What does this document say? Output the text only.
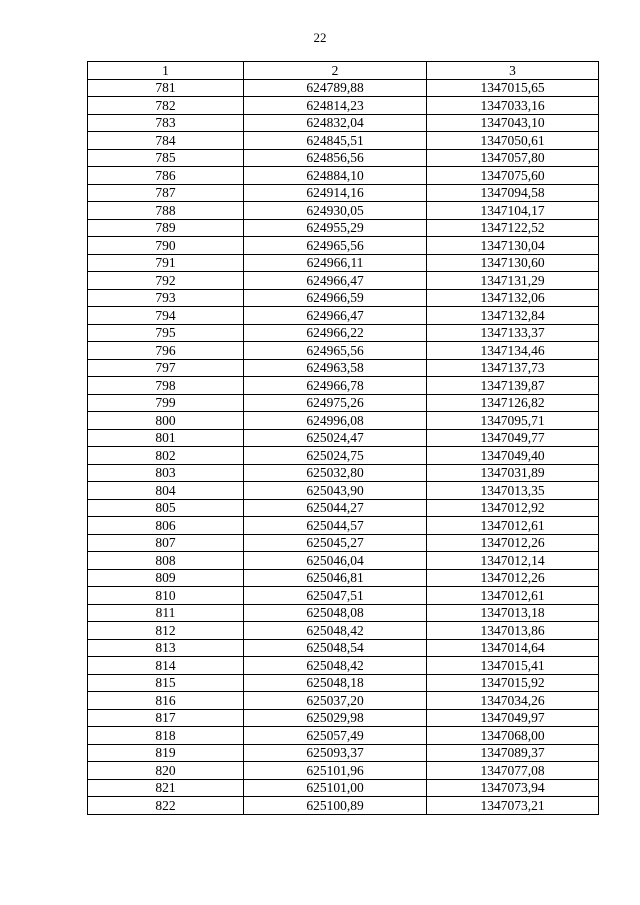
22
1	2	3
781	624789,88	1347015,65
782	624814,23	1347033,16
783	624832,04	1347043,10
784	624845,51	1347050,61
785	624856,56	1347057,80
786	624884,10	1347075,60
787	624914,16	1347094,58
788	624930,05	1347104,17
789	624955,29	1347122,52
790	624965,56	1347130,04
791	624966,11	1347130,60
792	624966,47	1347131,29
793	624966,59	1347132,06
794	624966,47	1347132,84
795	624966,22	1347133,37
796	624965,56	1347134,46
797	624963,58	1347137,73
798	624966,78	1347139,87
799	624975,26	1347126,82
800	624996,08	1347095,71
801	625024,47	1347049,77
802	625024,75	1347049,40
803	625032,80	1347031,89
804	625043,90	1347013,35
805	625044,27	1347012,92
806	625044,57	1347012,61
807	625045,27	1347012,26
808	625046,04	1347012,14
809	625046,81	1347012,26
810	625047,51	1347012,61
811	625048,08	1347013,18
812	625048,42	1347013,86
813	625048,54	1347014,64
814	625048,42	1347015,41
815	625048,18	1347015,92
816	625037,20	1347034,26
817	625029,98	1347049,97
818	625057,49	1347068,00
819	625093,37	1347089,37
820	625101,96	1347077,08
821	625101,00	1347073,94
822	625100,89	1347073,21
